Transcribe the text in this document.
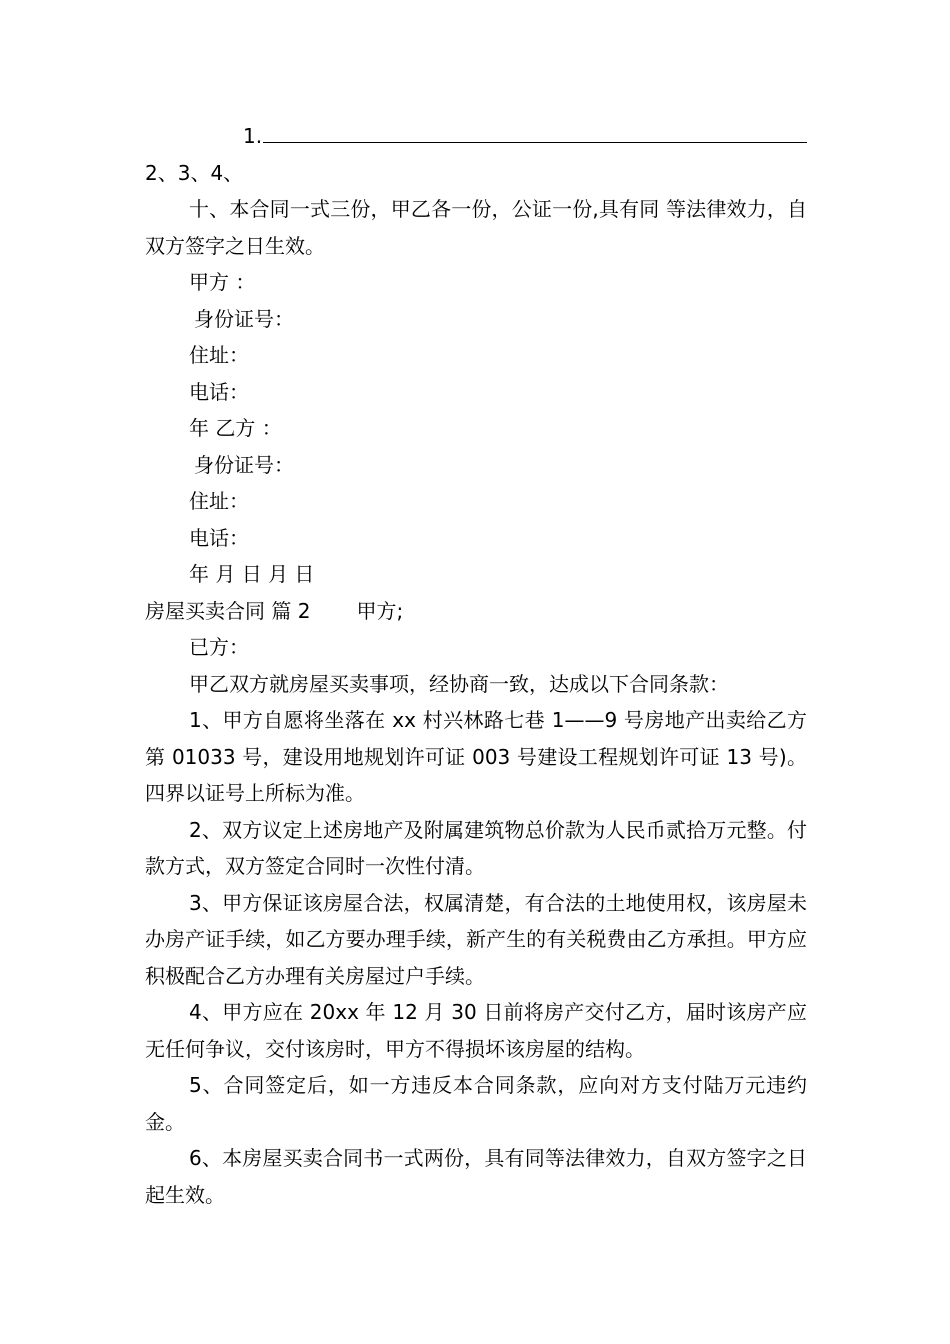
1.
2、3、4、
十、本合同一式三份，甲乙各一份，公证一份,具有同 等法律效力，自双方签字之日生效。
甲方 ：
身份证号：
住址：
电话：
年 乙方 ：
身份证号：
住址：
电话：
年 月 日 月 日
房屋买卖合同 篇 2 甲方;
已方：
甲乙双方就房屋买卖事项，经协商一致，达成以下合同条款：
1、甲方自愿将坐落在 xx 村兴林路七巷 1——9 号房地产出卖给乙方第 01033 号，建设用地规划许可证 003 号建设工程规划许可证 13 号)。四界以证号上所标为准。
2、双方议定上述房地产及附属建筑物总价款为人民币贰拾万元整。付款方式，双方签定合同时一次性付清。
3、甲方保证该房屋合法，权属清楚，有合法的土地使用权，该房屋未办房产证手续，如乙方要办理手续，新产生的有关税费由乙方承担。甲方应积极配合乙方办理有关房屋过户手续。
4、甲方应在 20xx 年 12 月 30 日前将房产交付乙方，届时该房产应无任何争议，交付该房时，甲方不得损坏该房屋的结构。
5、合同签定后，如一方违反本合同条款，应向对方支付陆万元违约金。
6、本房屋买卖合同书一式两份，具有同等法律效力，自双方签字之日起生效。
